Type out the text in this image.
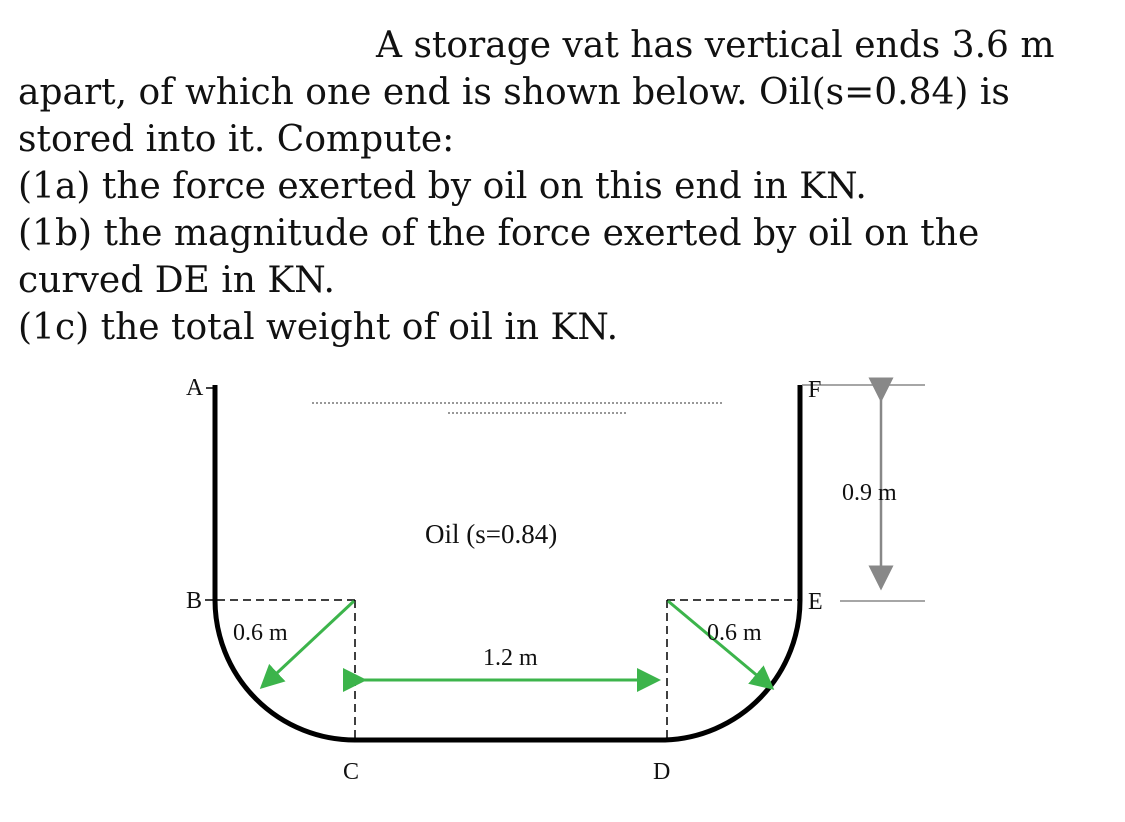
A storage vat has vertical ends 3.6 m
apart, of which one end is shown below. Oil(s=0.84) is
stored into it. Compute:
(1a) the force exerted by oil on this end in KN.
(1b) the magnitude of the force exerted by oil on the
curved DE in KN.
(1c) the total weight of oil in KN.
A
B
C	D
E
F
Oil (s=0.84)
0.6 m	0.6 m
1.2 m
0.9 m
